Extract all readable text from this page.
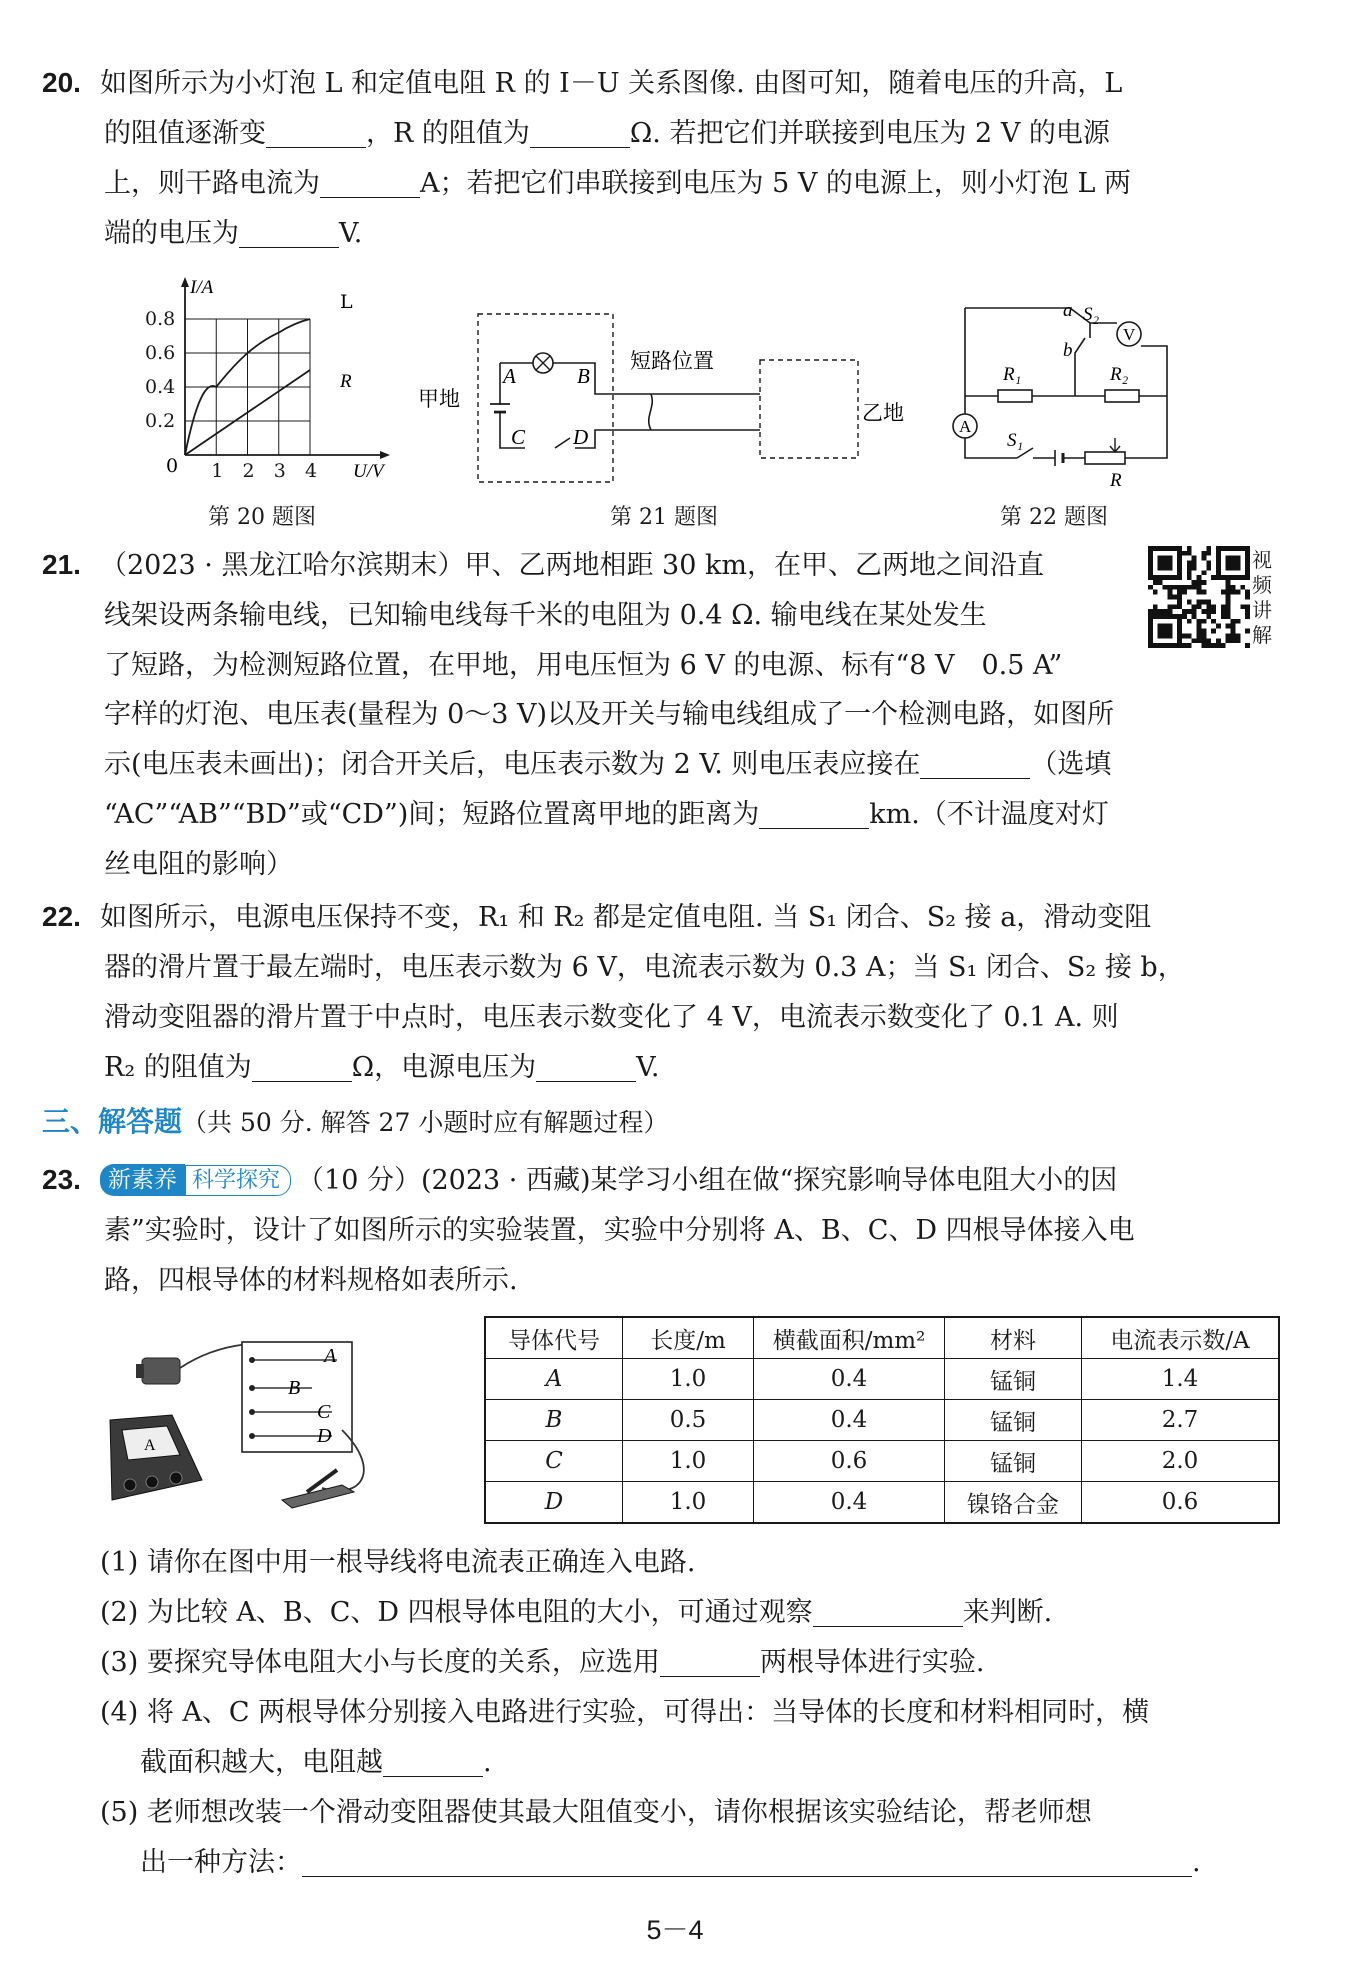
20. 如图所示为小灯泡 L 和定值电阻 R 的 I－U 关系图像. 由图可知，随着电压的升高，L
的阻值逐渐变	，R 的阻值为	Ω. 若把它们并联接到电压为 2 V 的电源
上，则干路电流为	A；若把它们串联接到电压为 5 V 的电源上，则小灯泡 L 两
端的电压为	V.
0.2
0.4
0.6
0.8
1 2 3 4
I/A
U/V
0
L
R
第 20 题图
甲地
乙地
短路位置
A	B
C D
第 21 题图
a
b
S₂
V
A
R₁	R₂
S₁
R
第 22 题图
21. （2023 · 黑龙江哈尔滨期末）甲、乙两地相距 30 km，在甲、乙两地之间沿直
线架设两条输电线，已知输电线每千米的电阻为 0.4 Ω. 输电线在某处发生
了短路，为检测短路位置，在甲地，用电压恒为 6 V 的电源、标有“8 V　0.5 A”
字样的灯泡、电压表(量程为 0～3 V)以及开关与输电线组成了一个检测电路，如图所
示(电压表未画出)；闭合开关后，电压表示数为 2 V. 则电压表应接在	（选填
“AC”“AB”“BD”或“CD”)间；短路位置离甲地的距离为	km.（不计温度对灯
丝电阻的影响）
视频讲解
22. 如图所示，电源电压保持不变，R₁ 和 R₂ 都是定值电阻. 当 S₁ 闭合、S₂ 接 a，滑动变阻
器的滑片置于最左端时，电压表示数为 6 V，电流表示数为 0.3 A；当 S₁ 闭合、S₂ 接 b，
滑动变阻器的滑片置于中点时，电压表示数变化了 4 V，电流表示数变化了 0.1 A. 则
R₂ 的阻值为	Ω，电源电压为	V.
三、解答题（共 50 分. 解答 27 小题时应有解题过程）
23. 新素养 科学探究 （10 分）(2023 · 西藏)某学习小组在做“探究影响导体电阻大小的因
素”实验时，设计了如图所示的实验装置，实验中分别将 A、B、C、D 四根导体接入电
路，四根导体的材料规格如表所示.
A
B
C
D
A
导体代号	长度/m	横截面积/mm²	材料	电流表示数/A
A	1.0	0.4	锰铜	1.4
B	0.5	0.4	锰铜	2.7
C	1.0	0.6	锰铜	2.0
D	1.0	0.4	镍铬合金	0.6
(1) 请你在图中用一根导线将电流表正确连入电路.
(2) 为比较 A、B、C、D 四根导体电阻的大小，可通过观察	来判断.
(3) 要探究导体电阻大小与长度的关系，应选用	两根导体进行实验.
(4) 将 A、C 两根导体分别接入电路进行实验，可得出：当导体的长度和材料相同时，横
截面积越大，电阻越	.
(5) 老师想改装一个滑动变阻器使其最大阻值变小，请你根据该实验结论，帮老师想
出一种方法：	.
5－4
